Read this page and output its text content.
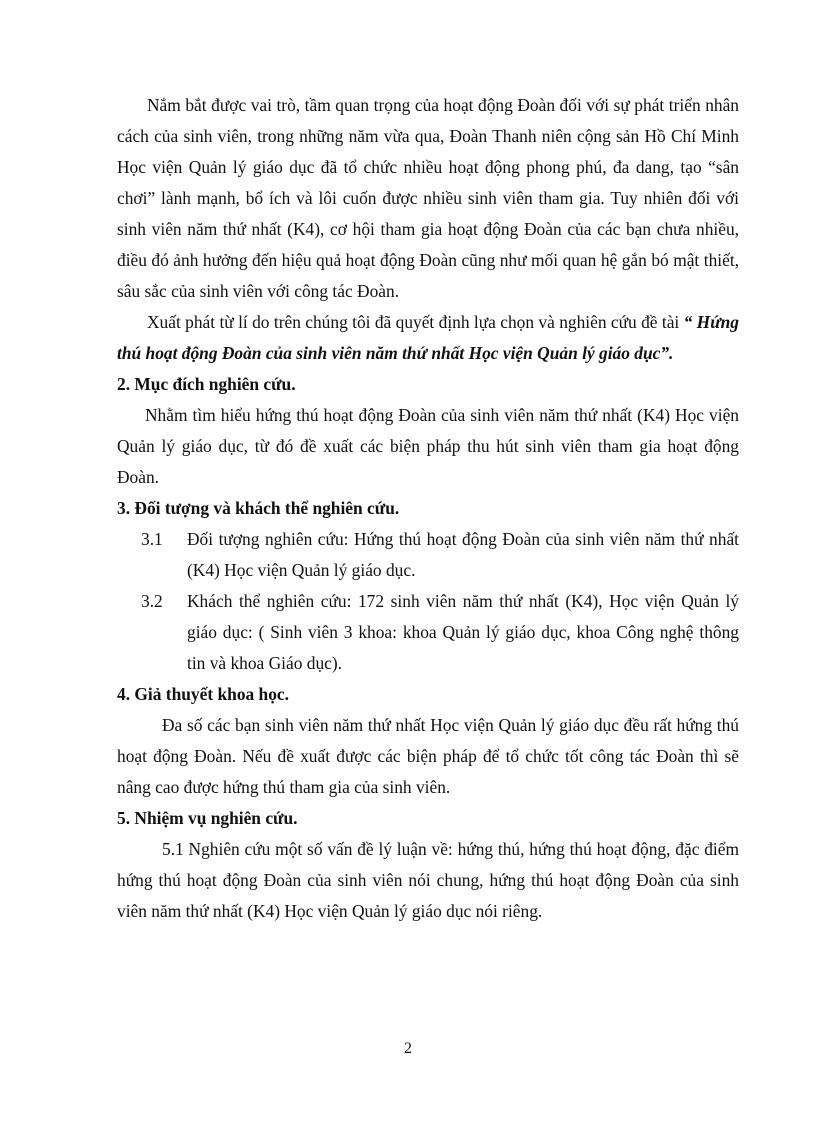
Nắm bắt được vai trò, tầm quan trọng của hoạt động Đoàn đối với sự phát triển nhân cách của sinh viên, trong những năm vừa qua, Đoàn Thanh niên cộng sản Hồ Chí Minh Học viện Quản lý giáo dục đã tổ chức nhiều hoạt động phong phú, đa dang, tạo “sân chơi” lành mạnh, bổ ích và lôi cuốn được nhiều sinh viên tham gia. Tuy nhiên đối với sinh viên năm thứ nhất (K4), cơ hội tham gia hoạt động Đoàn của các bạn chưa nhiều, điều đó ảnh hưởng đến hiệu quả hoạt động Đoàn cũng như mối quan hệ gắn bó mật thiết, sâu sắc của sinh viên với công tác Đoàn.

Xuất phát từ lí do trên chúng tôi đã quyết định lựa chọn và nghiên cứu đề tài “ Hứng thú hoạt động Đoàn của sinh viên năm thứ nhất Học viện Quản lý giáo dục”.

2. Mục đích nghiên cứu.

Nhằm tìm hiểu hứng thú hoạt động Đoàn của sinh viên năm thứ nhất (K4) Học viện Quản lý giáo dục, từ đó đề xuất các biện pháp thu hút sinh viên tham gia hoạt động Đoàn.

3. Đối tượng và khách thể nghiên cứu.

3.1	Đối tượng nghiên cứu: Hứng thú hoạt động Đoàn của sinh viên năm thứ nhất (K4) Học viện Quản lý giáo dục.
3.2	Khách thể nghiên cứu: 172 sinh viên năm thứ nhất (K4), Học viện Quản lý giáo dục: ( Sinh viên 3 khoa: khoa Quản lý giáo dục, khoa Công nghệ thông tin và khoa Giáo dục).

4. Giả thuyết khoa học.

Đa số các bạn sinh viên năm thứ nhất Học viện Quản lý giáo dục đều rất hứng thú hoạt động Đoàn. Nếu đề xuất được các biện pháp để tổ chức tốt công tác Đoàn thì sẽ nâng cao được hứng thú tham gia của sinh viên.

5. Nhiệm vụ nghiên cứu.

5.1 Nghiên cứu một số vấn đề lý luận về: hứng thú, hứng thú hoạt động, đặc điểm hứng thú hoạt động Đoàn của sinh viên nói chung, hứng thú hoạt động Đoàn của sinh viên năm thứ nhất (K4) Học viện Quản lý giáo dục nói riêng.

2
